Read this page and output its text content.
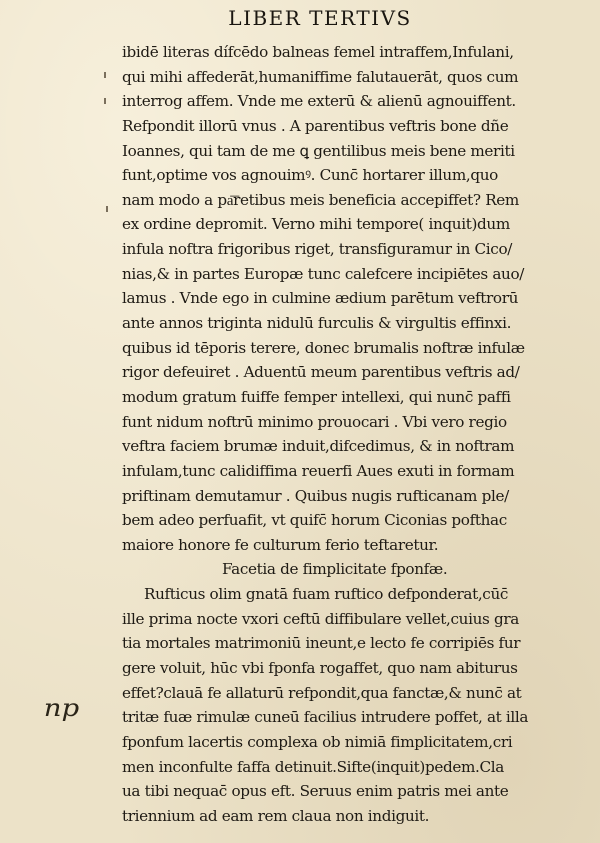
LIBER TERTIVS
ibidē literas dífcēdo balneas femel intraffem,Infulani,
qui mihi affederāt,humaniffime falutauerāt, quos cum
interrog affem. Vnde me exterū & alienū agnouiffent.
Refpondit illorū vnus . A parentibus veftris bone dñe
Ioannes, qui tam de me ꝗ gentilibus meis bene meriti
funt,optime vos agnouimꝰ. Cunc̄ hortarer illum,quo
nam modo a pa͞retibus meis beneficia accepiffet? Rem
ex ordine depromit. Verno mihi tempore( inquit)dum
infula noftra frigoribus riget, transfiguramur in Cico/
nias,& in partes Europæ tunc calefcere incipiētes auo/
lamus . Vnde ego in culmine ædium parētum veftrorū
ante annos triginta nidulū furculis & virgultis effinxi.
quibus id tēporis terere, donec brumalis noftræ infulæ
rigor defeuiret . Aduentū meum parentibus veftris ad/
modum gratum fuiffe femper intellexi, qui nunc̄ paffi
funt nidum noftrū minimo prouocari . Vbi vero regio
veftra faciem brumæ induit,difcedimus, & in noftram
infulam,tunc calidiffima reuerfi Aues exuti in formam
priftinam demutamur . Quibus nugis rufticanam ple/
bem adeo perfuafit, vt quifc̄ horum Ciconias pofthac
maiore honore fe culturum ferio teftaretur.
Facetia de fimplicitate fponfæ.
Rufticus olim gnatā fuam ruftico defponderat,cūc̄
ille prima nocte vxori ceftū diffibulare vellet,cuius gra
tia mortales matrimoniū ineunt,e lecto fe corripiēs fur
gere voluit, hūc vbi fponfa rogaffet, quo nam abiturus
effet?clauā fe allaturū refpondit,qua fanctæ,& nunc̄ at
tritæ fuæ rimulæ cuneū facilius intrudere poffet, at illa
fponfum lacertis complexa ob nimiā fimplicitatem,cri
men inconfulte faffa detinuit.Sifte(inquit)pedem.Cla
ua tibi nequac̄ opus eft. Seruus enim patris mei ante
triennium ad eam rem claua non indiguit.
np
